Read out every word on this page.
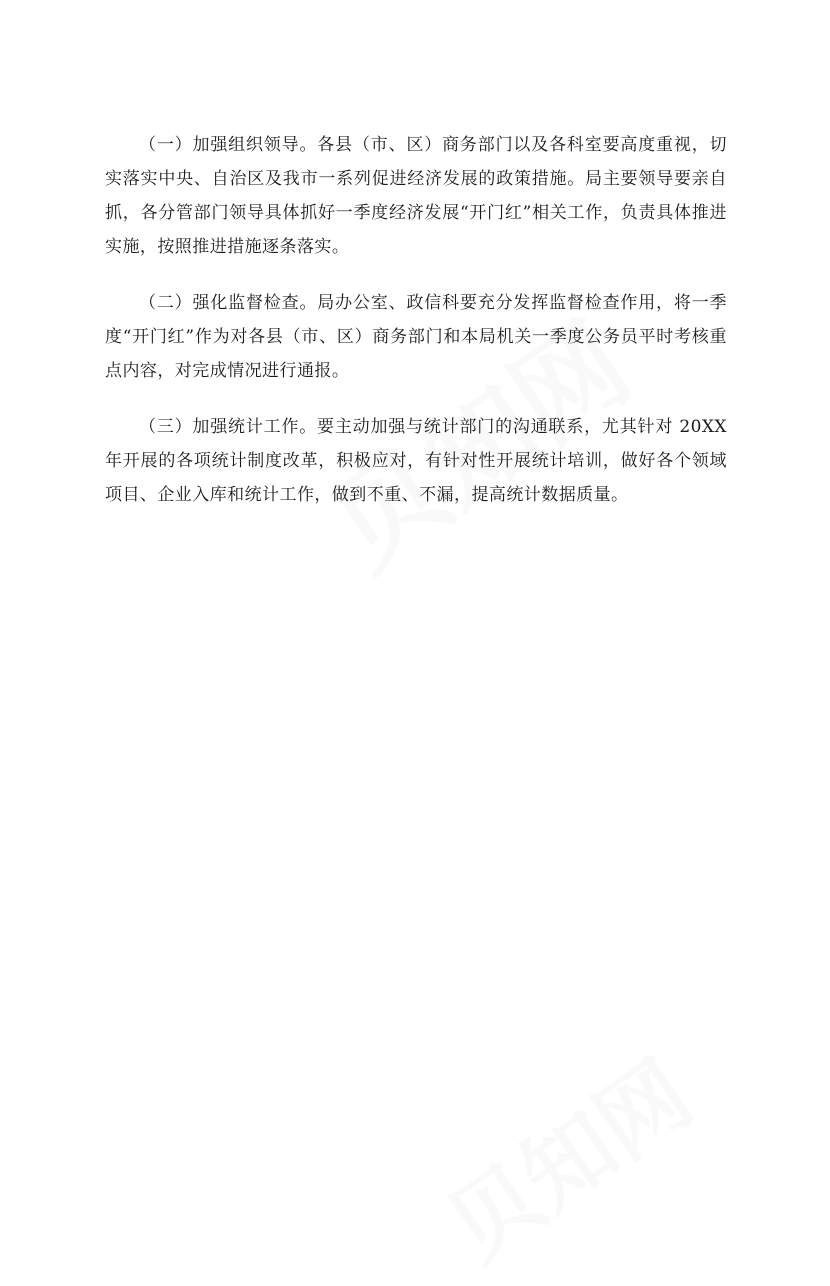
（一）加强组织领导。各县（市、区）商务部门以及各科室要高度重视，切实落实中央、自治区及我市一系列促进经济发展的政策措施。局主要领导要亲自抓，各分管部门领导具体抓好一季度经济发展“开门红”相关工作，负责具体推进实施，按照推进措施逐条落实。

（二）强化监督检查。局办公室、政信科要充分发挥监督检查作用，将一季度“开门红”作为对各县（市、区）商务部门和本局机关一季度公务员平时考核重点内容，对完成情况进行通报。

（三）加强统计工作。要主动加强与统计部门的沟通联系，尤其针对 20XX 年开展的各项统计制度改革，积极应对，有针对性开展统计培训，做好各个领域项目、企业入库和统计工作，做到不重、不漏，提高统计数据质量。
